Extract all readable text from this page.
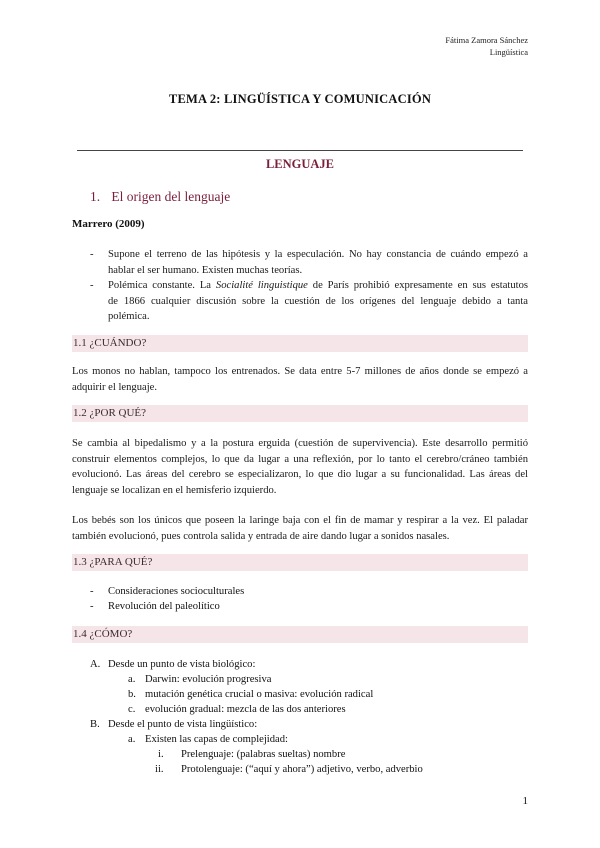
Fátima Zamora Sánchez
Lingüística
TEMA 2: LINGÜÍSTICA Y COMUNICACIÓN
LENGUAJE
1. El origen del lenguaje
Marrero (2009)
- Supone el terreno de las hipótesis y la especulación. No hay constancia de cuándo empezó a
hablar el ser humano. Existen muchas teorías.
- Polémica constante. La Socialité linguistique de París prohibió expresamente en sus estatutos
de 1866 cualquier discusión sobre la cuestión de los orígenes del lenguaje debido a tanta
polémica.
1.1 ¿CUÁNDO?
Los monos no hablan, tampoco los entrenados. Se data entre 5-7 millones de años donde se empezó a
adquirir el lenguaje.
1.2 ¿POR QUÉ?
Se cambia al bipedalismo y a la postura erguida (cuestión de supervivencia). Este desarrollo permitió
construir elementos complejos, lo que da lugar a una reflexión, por lo tanto el cerebro/cráneo también
evolucionó. Las áreas del cerebro se especializaron, lo que dio lugar a su funcionalidad. Las áreas del
lenguaje se localizan en el hemisferio izquierdo.
Los bebés son los únicos que poseen la laringe baja con el fin de mamar y respirar a la vez. El paladar
también evolucionó, pues controla salida y entrada de aire dando lugar a sonidos nasales.
1.3 ¿PARA QUÉ?
- Consideraciones socioculturales
- Revolución del paleolítico
1.4 ¿CÓMO?
A. Desde un punto de vista biológico:
a. Darwin: evolución progresiva
b. mutación genética crucial o masiva: evolución radical
c. evolución gradual: mezcla de las dos anteriores
B. Desde el punto de vista lingüístico:
a. Existen las capas de complejidad:
i. Prelenguaje: (palabras sueltas) nombre
ii. Protolenguaje: (“aquí y ahora”) adjetivo, verbo, adverbio
1
